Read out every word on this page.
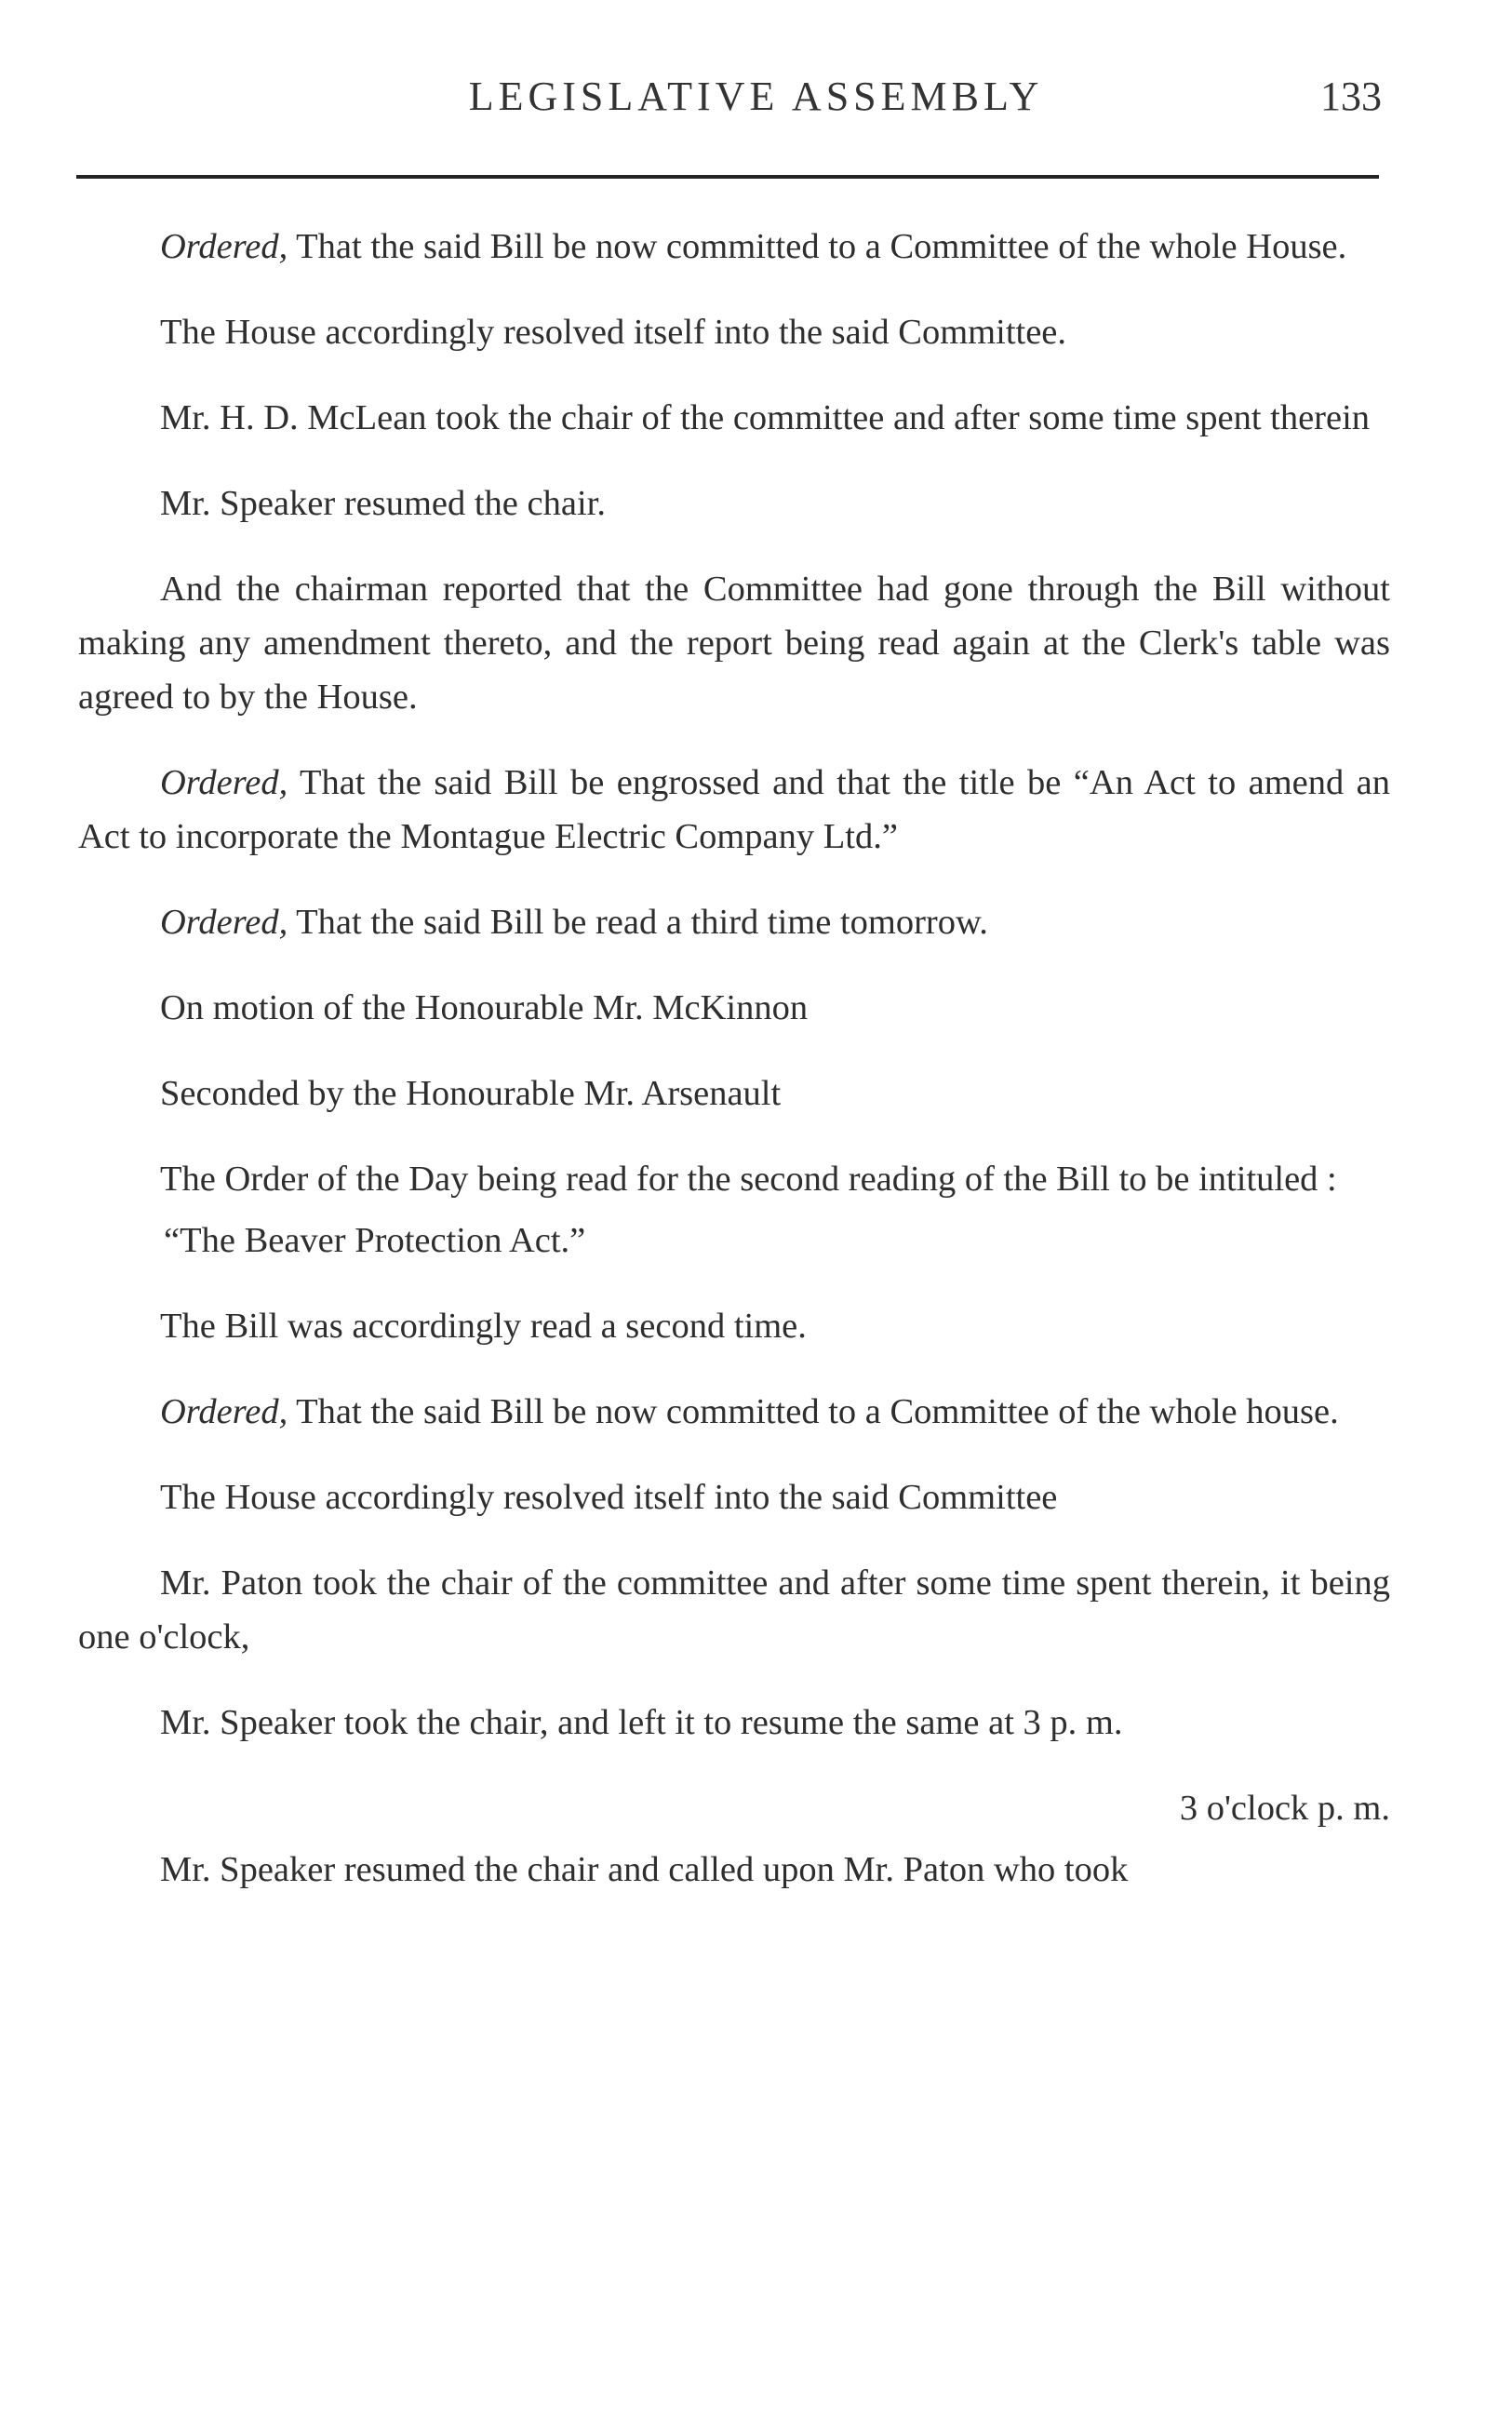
LEGISLATIVE ASSEMBLY	133

Ordered, That the said Bill be now committed to a Committee of the whole House.

The House accordingly resolved itself into the said Committee.

Mr. H. D. McLean took the chair of the committee and after some time spent therein

Mr. Speaker resumed the chair.

And the chairman reported that the Committee had gone through the Bill without making any amendment thereto, and the report being read again at the Clerk's table was agreed to by the House.

Ordered, That the said Bill be engrossed and that the title be “An Act to amend an Act to incorporate the Montague Electric Company Ltd.”

Ordered, That the said Bill be read a third time tomorrow.

On motion of the Honourable Mr. McKinnon

Seconded by the Honourable Mr. Arsenault

The Order of the Day being read for the second reading of the Bill to be intituled :

“The Beaver Protection Act.”

The Bill was accordingly read a second time.

Ordered, That the said Bill be now committed to a Committee of the whole house.

The House accordingly resolved itself into the said Committee

Mr. Paton took the chair of the committee and after some time spent therein, it being one o'clock,

Mr. Speaker took the chair, and left it to resume the same at 3 p. m.

3 o'clock p. m.

Mr. Speaker resumed the chair and called upon Mr. Paton who took
